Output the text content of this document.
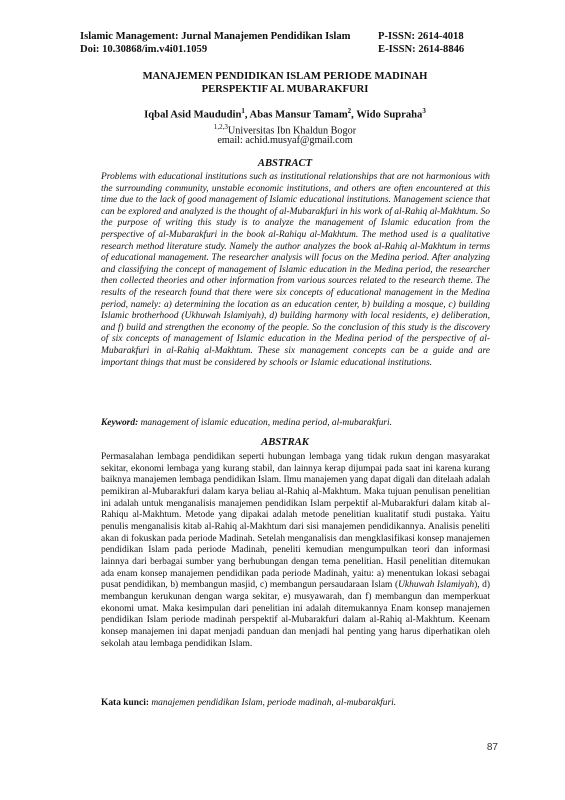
Islamic Management: Jurnal Manajemen Pendidikan Islam	P-ISSN: 2614-4018
Doi: 10.30868/im.v4i01.1059	E-ISSN: 2614-8846
MANAJEMEN PENDIDIKAN ISLAM PERIODE MADINAH
PERSPEKTIF AL MUBARAKFURI
Iqbal Asid Maududin$^1$, Abas Mansur Tamam$^2$, Wido Supraha$^3$
$^{1,2,3}$Universitas Ibn Khaldun Bogor
email: achid.musyaf@gmail.com
ABSTRACT
Problems with educational institutions such as institutional relationships that are not harmonious with the surrounding community, unstable economic institutions, and others are often encountered at this time due to the lack of good management of Islamic educational institutions. Management science that can be explored and analyzed is the thought of al-Mubarakfuri in his work of al-Rahiq al-Makhtum. So the purpose of writing this study is to analyze the management of Islamic education from the perspective of al-Mubarakfuri in the book al-Rahiqu al-Makhtum. The method used is a qualitative research method literature study. Namely the author analyzes the book al-Rahiq al-Makhtum in terms of educational management. The researcher analysis will focus on the Medina period. After analyzing and classifying the concept of management of Islamic education in the Medina period, the researcher then collected theories and other information from various sources related to the research theme. The results of the research found that there were six concepts of educational management in the Medina period, namely: a) determining the location as an education center, b) building a mosque, c) building Islamic brotherhood (Ukhuwah Islamiyah), d) building harmony with local residents, e) deliberation, and f) build and strengthen the economy of the people. So the conclusion of this study is the discovery of six concepts of management of Islamic education in the Medina period of the perspective of al-Mubarakfuri in al-Rahiq al-Makhtum. These six management concepts can be a guide and are important things that must be considered by schools or Islamic educational institutions.
Keyword: management of islamic education, medina period, al-mubarakfuri.
ABSTRAK
Permasalahan lembaga pendidikan seperti hubungan lembaga yang tidak rukun dengan masyarakat sekitar, ekonomi lembaga yang kurang stabil, dan lainnya kerap dijumpai pada saat ini karena kurang baiknya manajemen lembaga pendidikan Islam. Ilmu manajemen yang dapat digali dan ditelaah adalah pemikiran al-Mubarakfuri dalam karya beliau al-Rahiq al-Makhtum. Maka tujuan penulisan penelitian ini adalah untuk menganalisis manajemen pendidikan Islam perpektif al-Mubarakfuri dalam kitab al-Rahiqu al-Makhtum. Metode yang dipakai adalah metode penelitian kualitatif studi pustaka. Yaitu penulis menganalisis kitab al-Rahiq al-Makhtum dari sisi manajemen pendidikannya. Analisis peneliti akan di fokuskan pada periode Madinah. Setelah menganalisis dan mengklasifikasi konsep manajemen pendidikan Islam pada periode Madinah, peneliti kemudian mengumpulkan teori dan informasi lainnya dari berbagai sumber yang berhubungan dengan tema penelitian. Hasil penelitian ditemukan ada enam konsep manajemen pendidikan pada periode Madinah, yaitu: a) menentukan lokasi sebagai pusat pendidikan, b) membangun masjid, c) membangun persaudaraan Islam (Ukhuwah Islamiyah), d) membangun kerukunan dengan warga sekitar, e) musyawarah, dan f) membangun dan memperkuat ekonomi umat. Maka kesimpulan dari penelitian ini adalah ditemukannya Enam konsep manajemen pendidikan Islam periode madinah perspektif al-Mubarakfuri dalam al-Rahiq al-Makhtum. Keenam konsep manajemen ini dapat menjadi panduan dan menjadi hal penting yang harus diperhatikan oleh sekolah atau lembaga pendidikan Islam.
Kata kunci: manajemen pendidikan Islam, periode madinah, al-mubarakfuri.
87
